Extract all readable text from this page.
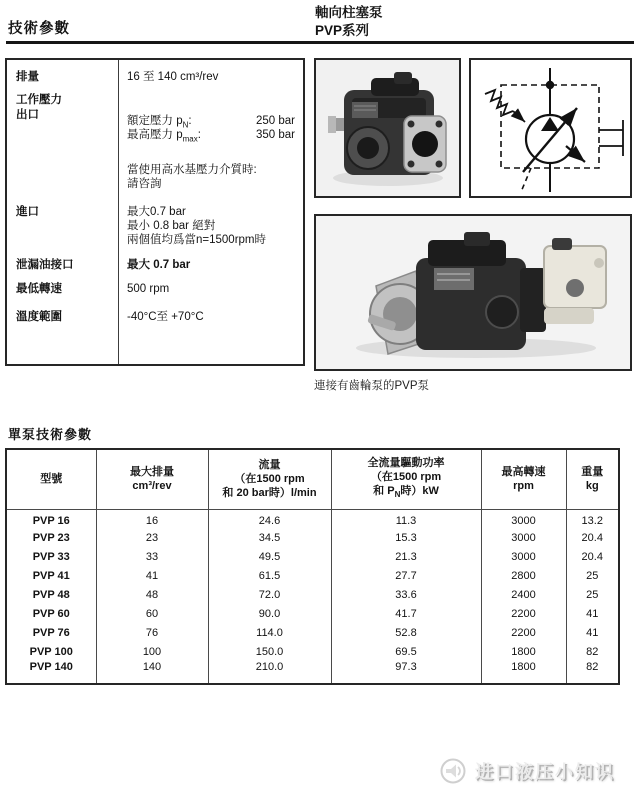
技術參數
軸向柱塞泵
PVP系列
排量	16 至 140 cm³/rev
工作壓力
出口	額定壓力 $p_N$:	250 bar
最高壓力 $p_{max}$:	350 bar
當使用高水基壓力介質時:
請咨詢
進口	最大0.7 bar
最小 0.8 bar 絕對
兩個值均爲當n=1500rpm時
泄漏油接口	最大 0.7 bar
最低轉速	500 rpm
溫度範圍	-40°C至 +70°C
連接有齒輪泵的PVP泵
單泵技術參數
型號

最大排量
cm³/rev

流量
（在1500 rpm
和 20 bar時）l/min

全流量驅動功率
（在1500 rpm
和 $P_N$時）kW

最高轉速
rpm

重量
kg

PVP 16	16	24.6	11.3	3000	13.2
PVP 23	23	34.5	15.3	3000	20.4
PVP 33	33	49.5	21.3	3000	20.4
PVP 41	41	61.5	27.7	2800	25
PVP 48	48	72.0	33.6	2400	25
PVP 60	60	90.0	41.7	2200	41
PVP 76	76	114.0	52.8	2200	41
PVP 100	100	150.0	69.5	1800	82
PVP 140	140	210.0	97.3	1800	82
进口液压小知识
